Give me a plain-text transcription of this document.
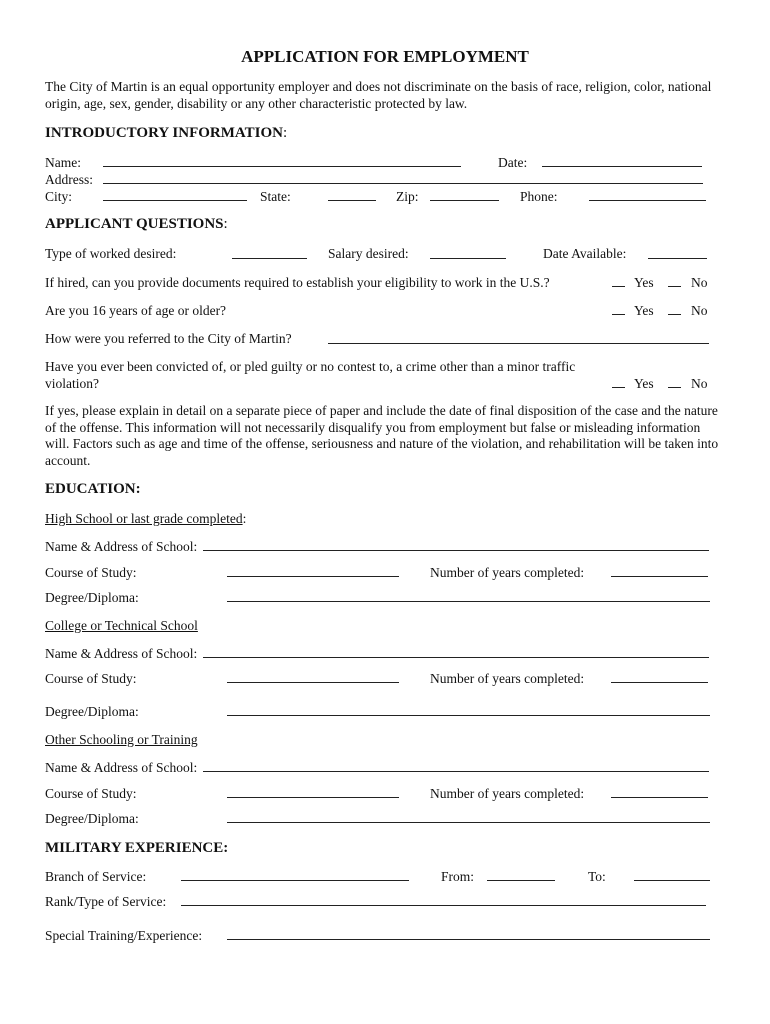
APPLICATION FOR EMPLOYMENT
The City of Martin is an equal opportunity employer and does not discriminate on the basis of race, religion, color, national origin, age, sex, gender, disability or any other characteristic protected by law.
INTRODUCTORY INFORMATION:
Name:	Date:
Address:
City:	State:	Zip:	Phone:
APPLICANT QUESTIONS:
Type of worked desired:	Salary desired:	Date Available:
If hired, can you provide documents required to establish your eligibility to work in the U.S.?	Yes	No
Are you 16 years of age or older?	Yes	No
How were you referred to the City of Martin?
Have you ever been convicted of, or pled guilty or no contest to, a crime other than a minor traffic
violation?	Yes	No
If yes, please explain in detail on a separate piece of paper and include the date of final disposition of the case and the nature of the offense. This information will not necessarily disqualify you from employment but false or misleading information will. Factors such as age and time of the offense, seriousness and nature of the violation, and rehabilitation will be taken into account.
EDUCATION:
High School or last grade completed:
Name & Address of School:
Course of Study:	Number of years completed:
Degree/Diploma:
College or Technical School
Name & Address of School:
Course of Study:	Number of years completed:
Degree/Diploma:
Other Schooling or Training
Name & Address of School:
Course of Study:	Number of years completed:
Degree/Diploma:
MILITARY EXPERIENCE:
Branch of Service:	From:	To:
Rank/Type of Service:
Special Training/Experience:
